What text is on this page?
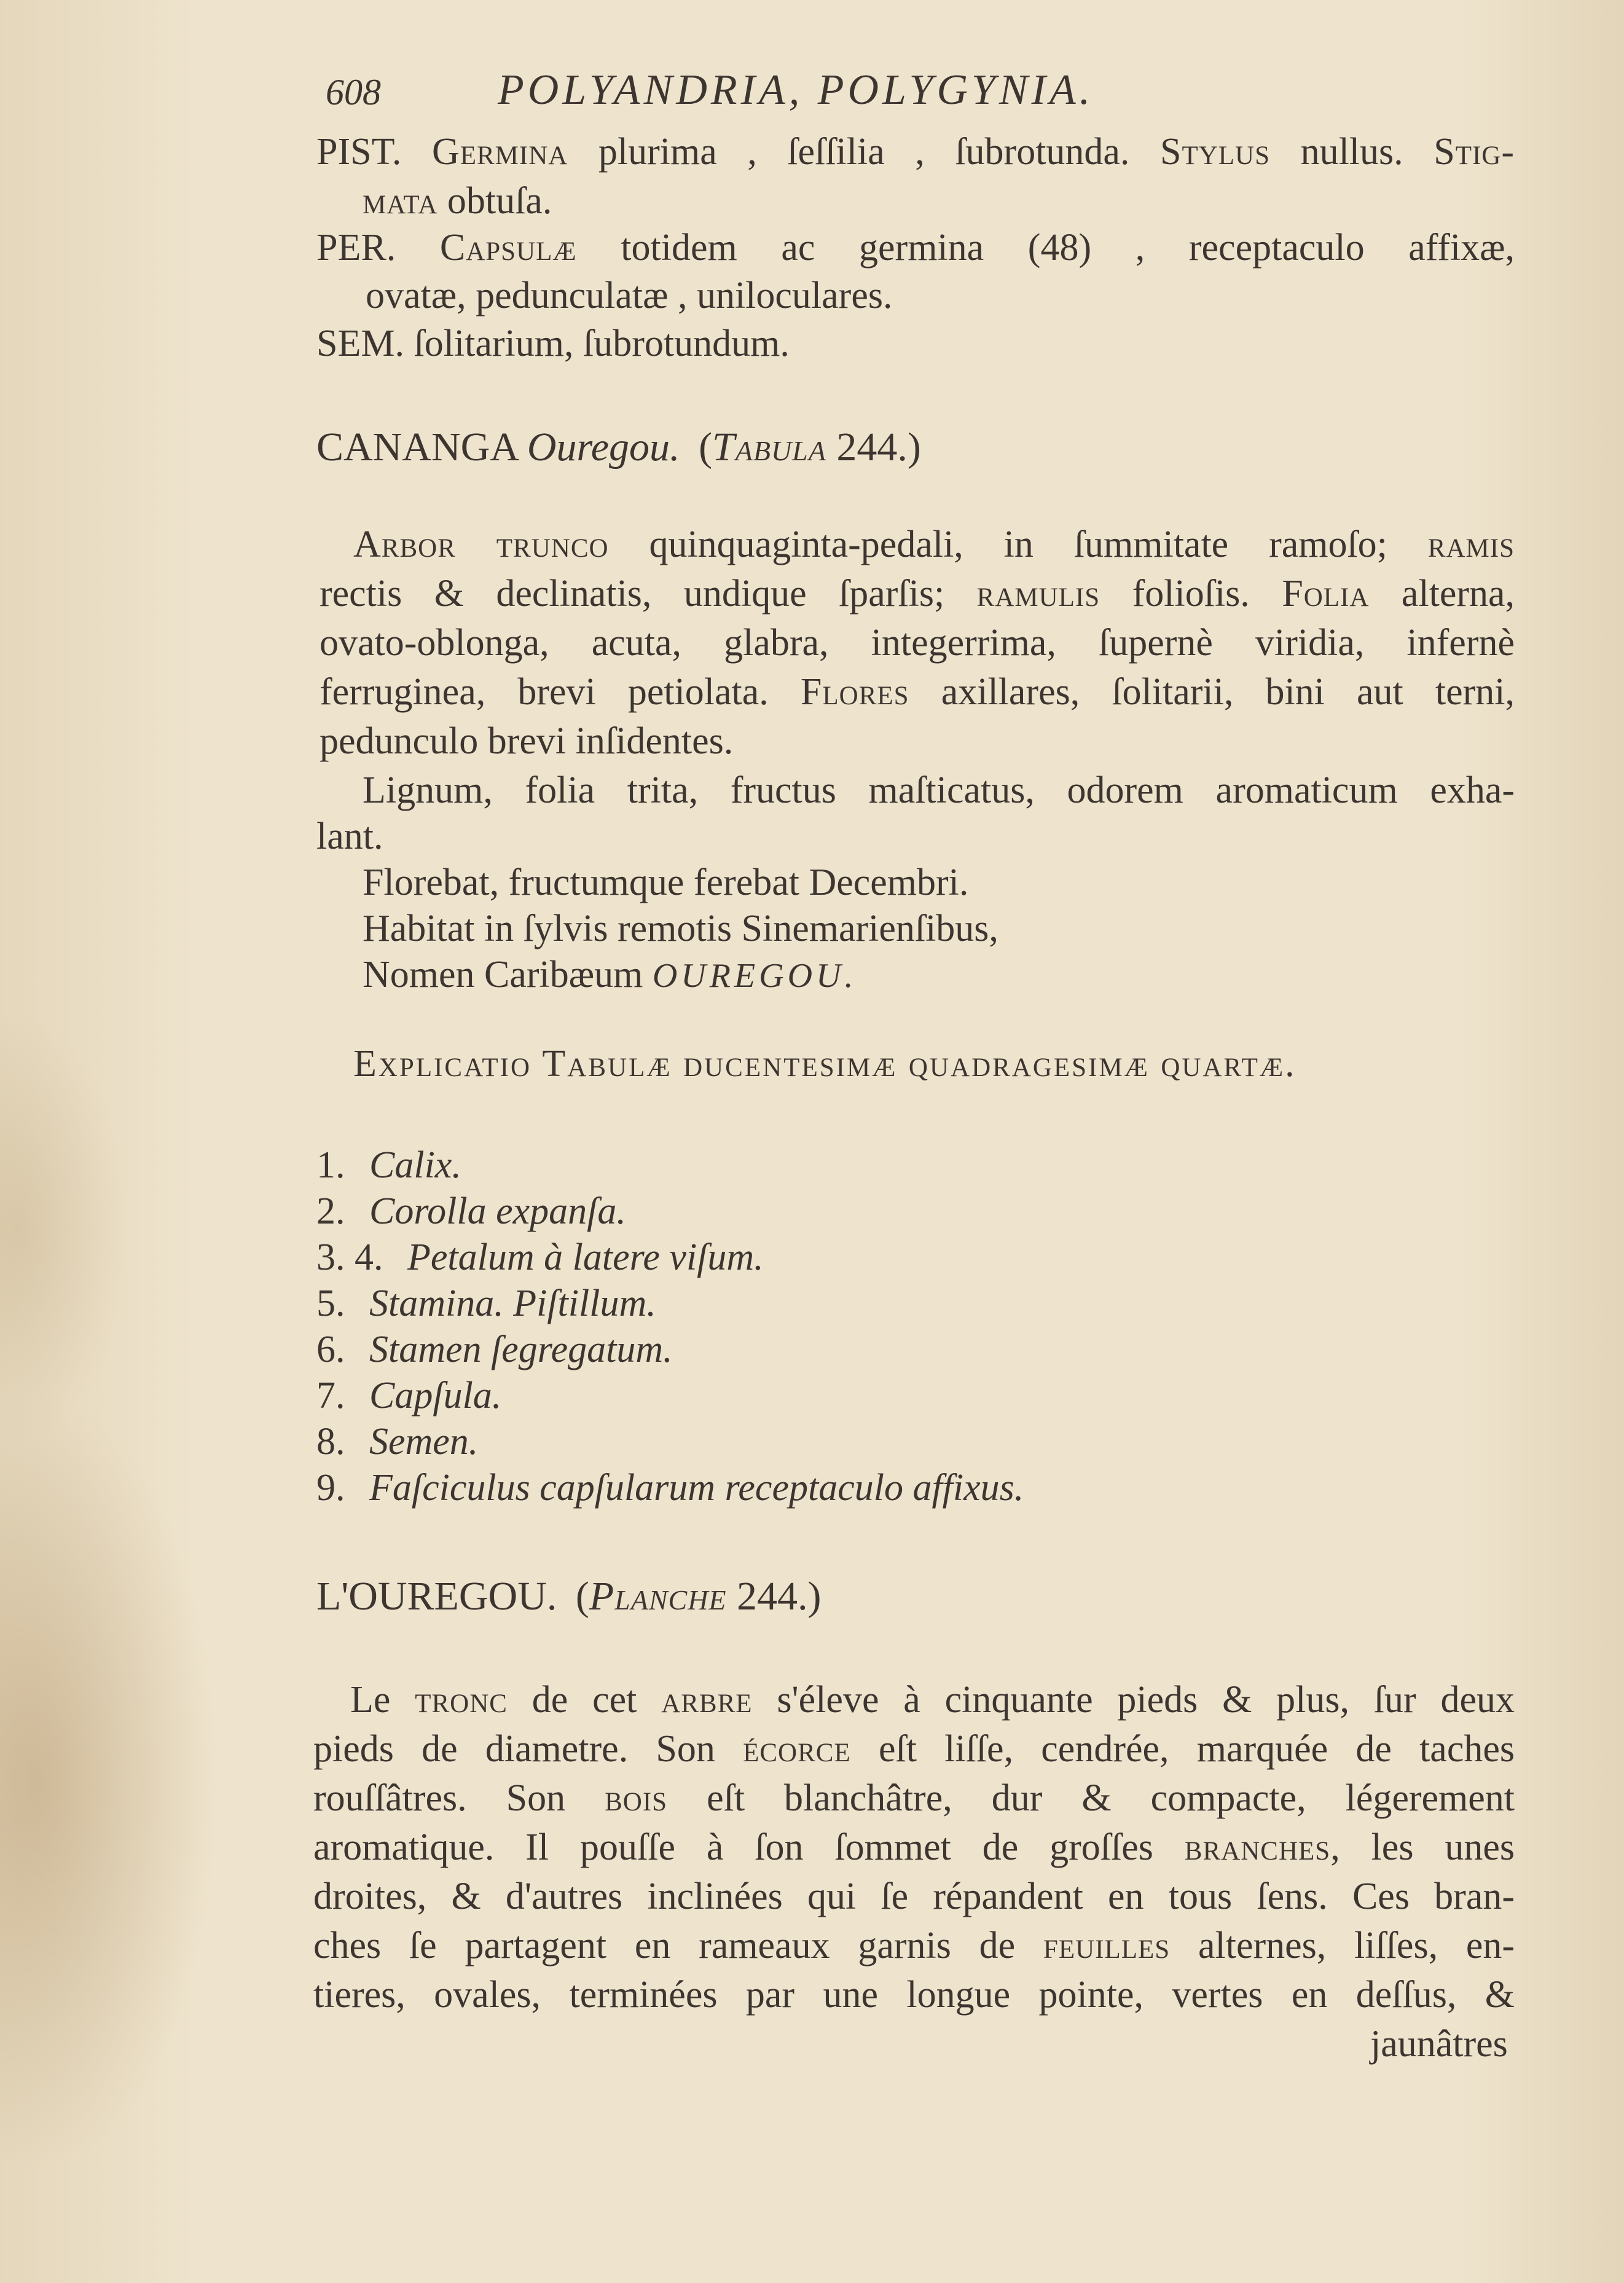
608	POLYANDRIA, POLYGYNIA.
PIST. Germina plurima , ſeſſilia , ſubrotunda. Stylus nullus. Stig-
mata obtuſa.
PER. Capsulæ totidem ac germina (48) , receptaculo affixæ,
ovatæ, pedunculatæ , uniloculares.
SEM. ſolitarium, ſubrotundum.
CANANGA Ouregou. (Tabula 244.)
Arbor trunco quinquaginta-pedali, in ſummitate ramoſo; ramis
rectis & declinatis, undique ſparſis; ramulis folioſis. Folia alterna,
ovato-oblonga, acuta, glabra, integerrima, ſupernè viridia, infernè
ferruginea, brevi petiolata. Flores axillares, ſolitarii, bini aut terni,
pedunculo brevi inſidentes.
Lignum, folia trita, fructus maſticatus, odorem aromaticum exha-
lant.
Florebat, fructumque ferebat Decembri.
Habitat in ſylvis remotis Sinemarienſibus,
Nomen Caribæum OUREGOU.
Explicatio Tabulæ ducentesimæ quadragesimæ quartæ.
1. Calix.
2. Corolla expanſa.
3. 4. Petalum à latere viſum.
5. Stamina. Piſtillum.
6. Stamen ſegregatum.
7. Capſula.
8. Semen.
9. Faſciculus capſularum receptaculo affixus.
L'OUREGOU. (Planche 244.)
Le tronc de cet arbre s'éleve à cinquante pieds & plus, ſur deux
pieds de diametre. Son écorce eſt liſſe, cendrée, marquée de taches
rouſſâtres. Son bois eſt blanchâtre, dur & compacte, légerement
aromatique. Il pouſſe à ſon ſommet de groſſes branches, les unes
droites, & d'autres inclinées qui ſe répandent en tous ſens. Ces bran-
ches ſe partagent en rameaux garnis de feuilles alternes, liſſes, en-
tieres, ovales, terminées par une longue pointe, vertes en deſſus, &
jaunâtres
